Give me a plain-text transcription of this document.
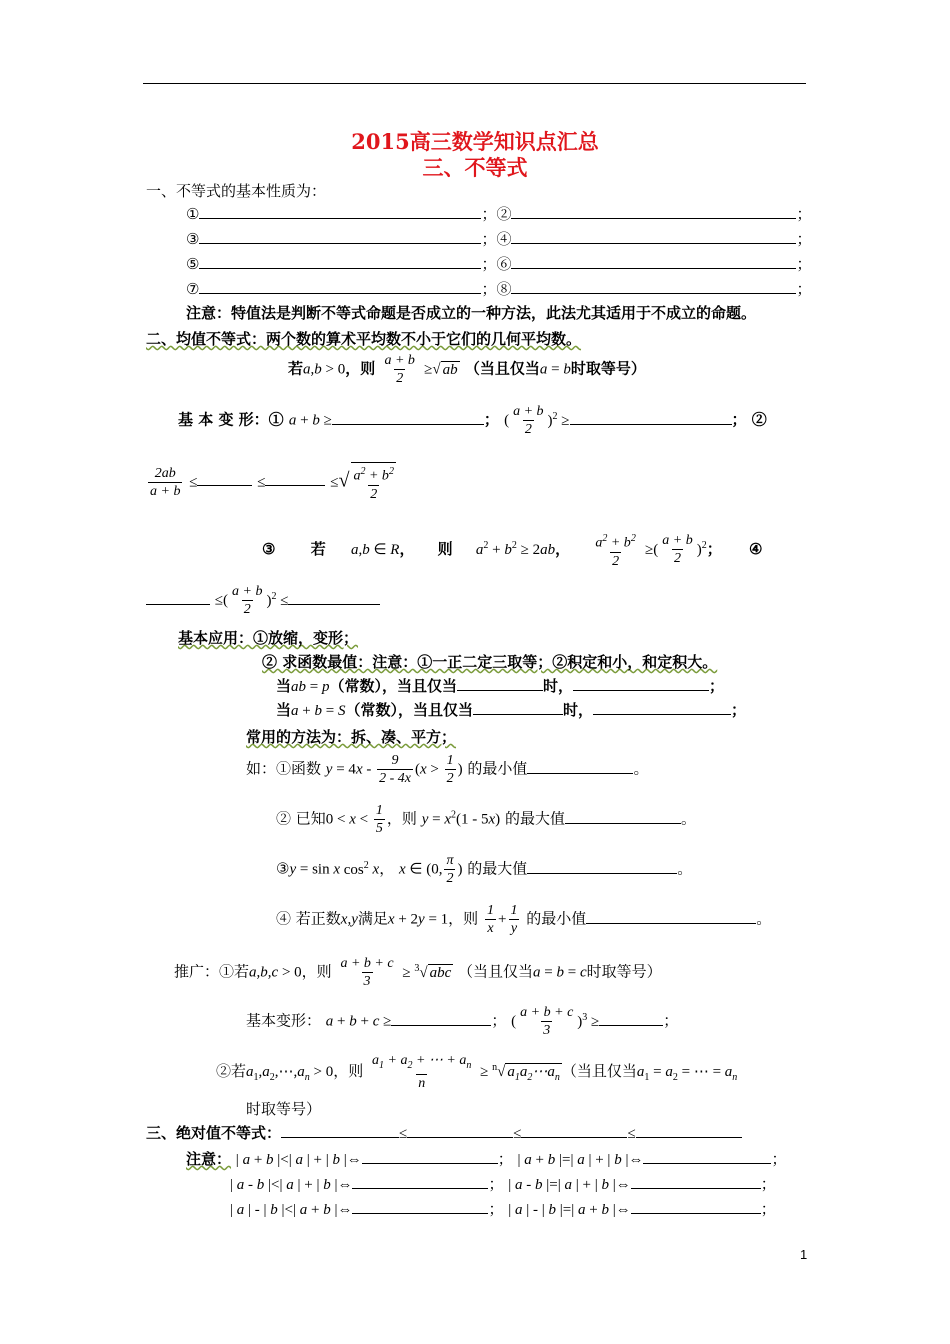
2015高三数学知识点汇总
三、不等式
一、不等式的基本性质为：
①	；②	；
③	；④	；
⑤	；⑥	；
⑦	；⑧	；
注意：特值法是判断不等式命题是否成立的一种方法，此法尤其适用于不成立的命题。
二、均值不等式：两个数的算术平均数不小于它们的几何平均数。
若a,b > 0，则 $\frac{a + b}{2}$ ≥√ ab （当且仅当a = b时取等号）
基 本 变 形：① a + b ≥	； ( $\frac{a + b}{2} )^2$ ≥	； ②
$\frac{2ab}{a + b}$ ≤	≤	≤√ $\frac{a^2 + b^2}{2}$
③ 若 a,b ∈ R， 则 $a^2 + b^2 \ge 2ab$， $\frac{a^2 + b^2}{2}$ ≥( $\frac{a + b}{2} )^2$； ④
≤( $\frac{a + b}{2} )^2$ ≤
基本应用：①放缩，变形；
② 求函数最值：注意：①一正二定三取等；②积定和小，和定积大。
当ab = p（常数），当且仅当	时，	；
当a + b = S（常数），当且仅当	时，	；
常用的方法为：拆、凑、平方；
如：①函数 $y = 4x - \frac{9}{2 - 4x} (x > \frac{1}{2}$ ) 的最小值	。
② 已知$0 < x < \frac{1}{5}$ ，则 $y = x^2(1 - 5x)$ 的最大值	。
③y = sin x $\cos^2 x$， x ∈ (0, $\frac{\pi}{2}$ ) 的最大值	。
④ 若正数x,y满足x + 2y = 1，则 $\frac{1}{x} + \frac{1}{y}$ 的最小值	。
推广：①若a,b,c > 0，则 $\frac{a + b + c}{3} \ge ^3√$ abc （当且仅当a = b = c时取等号）
基本变形： a + b + c ≥	； ( $\frac{a + b + c}{3} )^3$ ≥	；
②若$a_1,a_2,\cdots,a_n > 0$，则 $\frac{a_1 + a_2 + \cdots + a_n}{n} \ge ^n√$ $a_1a_2\cdots a_n$ （当且仅当$a_1 = a_2$ = ⋯ = $a_n$
时取等号）
三、绝对值不等式：	≤	≤	≤
注意： | a + b |<| a | + | b |⇔	； | a + b |=| a | + | b |⇔	；
| a - b |<| a | + | b |⇔	； | a - b |=| a | + | b |⇔	；
| a | - | b |<| a + b |⇔	； | a | - | b |=| a + b |⇔	；
1
